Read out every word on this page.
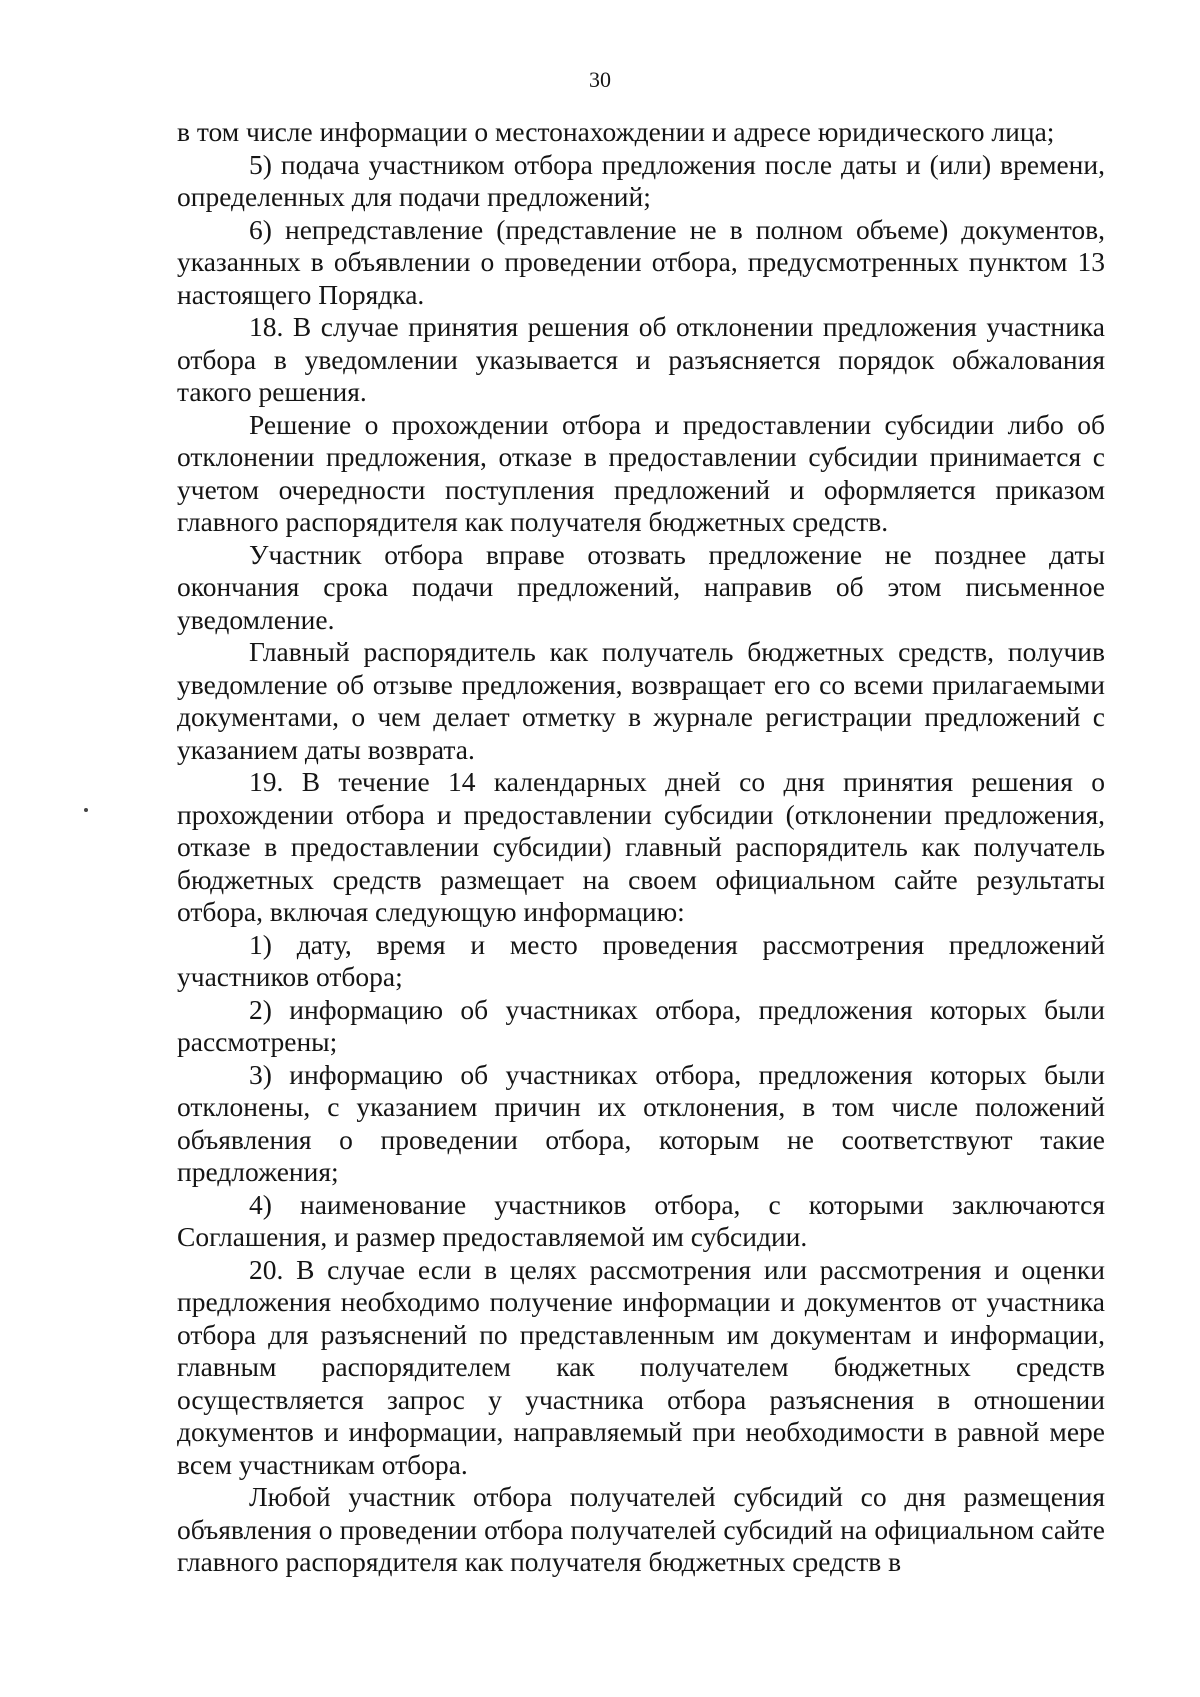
30

в том числе информации о местонахождении и адресе юридического лица;

5) подача участником отбора предложения после даты и (или) времени, определенных для подачи предложений;

6) непредставление (представление не в полном объеме) документов, указанных в объявлении о проведении отбора, предусмотренных пунктом 13 настоящего Порядка.

18. В случае принятия решения об отклонении предложения участника отбора в уведомлении указывается и разъясняется порядок обжалования такого решения.

Решение о прохождении отбора и предоставлении субсидии либо об отклонении предложения, отказе в предоставлении субсидии принимается с учетом очередности поступления предложений и оформляется приказом главного распорядителя как получателя бюджетных средств.

Участник отбора вправе отозвать предложение не позднее даты окончания срока подачи предложений, направив об этом письменное уведомление.

Главный распорядитель как получатель бюджетных средств, получив уведомление об отзыве предложения, возвращает его со всеми прилагаемыми документами, о чем делает отметку в журнале регистрации предложений с указанием даты возврата.

19. В течение 14 календарных дней со дня принятия решения о прохождении отбора и предоставлении субсидии (отклонении предложения, отказе в предоставлении субсидии) главный распорядитель как получатель бюджетных средств размещает на своем официальном сайте результаты отбора, включая следующую информацию:

1) дату, время и место проведения рассмотрения предложений участников отбора;

2) информацию об участниках отбора, предложения которых были рассмотрены;

3) информацию об участниках отбора, предложения которых были отклонены, с указанием причин их отклонения, в том числе положений объявления о проведении отбора, которым не соответствуют такие предложения;

4) наименование участников отбора, с которыми заключаются Соглашения, и размер предоставляемой им субсидии.

20. В случае если в целях рассмотрения или рассмотрения и оценки предложения необходимо получение информации и документов от участника отбора для разъяснений по представленным им документам и информации, главным распорядителем как получателем бюджетных средств осуществляется запрос у участника отбора разъяснения в отношении документов и информации, направляемый при необходимости в равной мере всем участникам отбора.

Любой участник отбора получателей субсидий со дня размещения объявления о проведении отбора получателей субсидий на официальном сайте главного распорядителя как получателя бюджетных средств в
